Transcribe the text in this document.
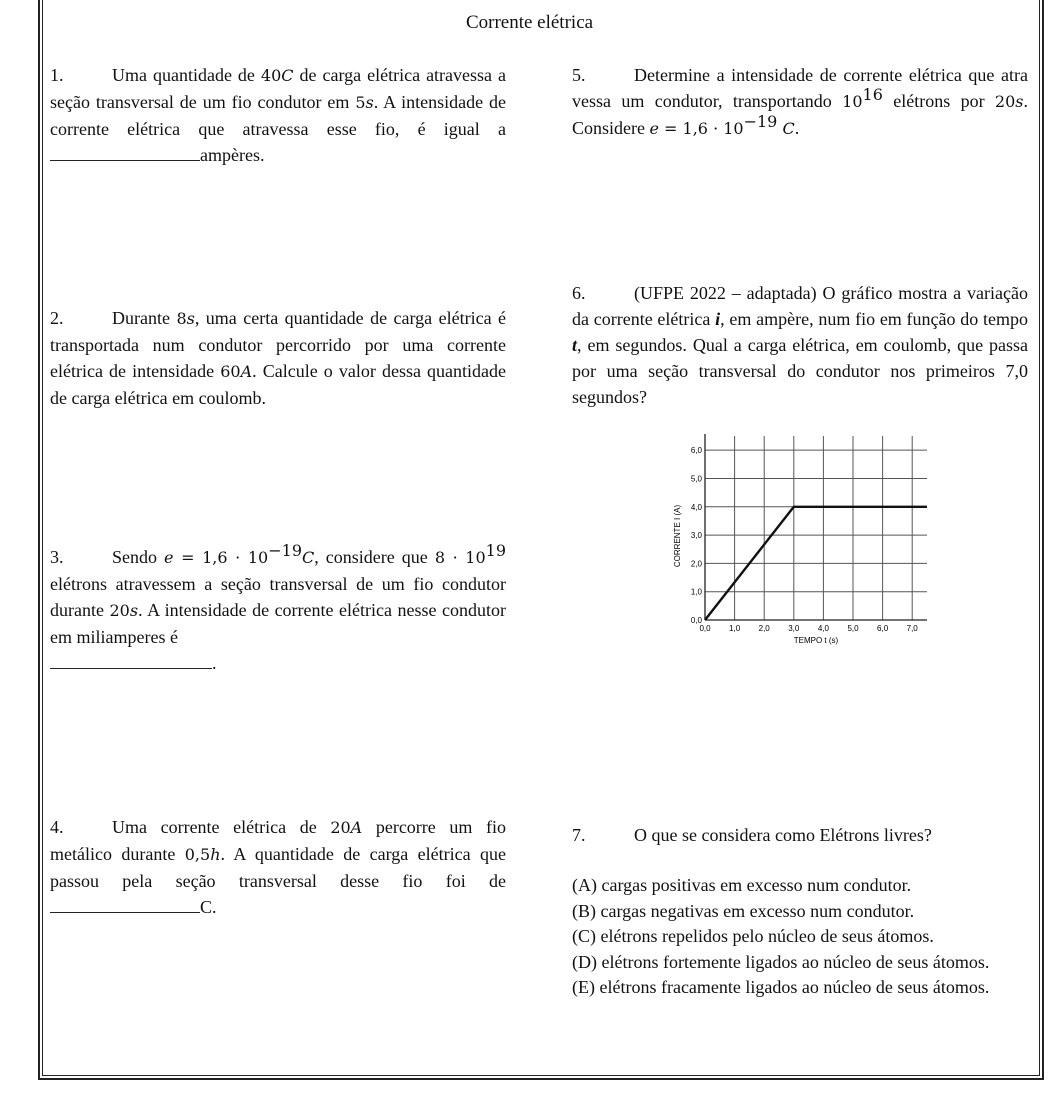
Corrente elétrica
1.	Uma quantidade de 40C de carga elétrica atravessa a seção transversal de um fio condutor em 5s. A intensidade de corrente elétrica que atravessa esse fio, é igual a ampères.
2.	Durante 8s, uma certa quantidade de carga elétrica é transportada num condutor percorrido por uma corrente elétrica de intensidade 60A. Calcule o valor dessa quantidade de carga elétrica em coulomb.
3.	Sendo $e = 1,6 \cdot 10^{-19}C$, considere que $8 \cdot 10^{19}$ elétrons atravessem a seção transversal de um fio condutor durante 20s. A intensidade de corrente elétrica nesse condutor em miliamperes é
.
4.	Uma corrente elétrica de 20A percorre um fio metálico durante 0,5h. A quantidade de carga elétrica que passou pela seção transversal desse fio foi de C.
5.	Determine a intensidade de corrente elétrica que atra vessa um condutor, transportando $10^{16}$ elétrons por 20s. Considere $e = 1,6 \cdot 10^{-19}$ C.
6.	(UFPE 2022 – adaptada) O gráfico mostra a variação da corrente elétrica i, em ampère, num fio em função do tempo t, em segundos. Qual a carga elétrica, em coulomb, que passa por uma seção transversal do condutor nos primeiros 7,0 segundos?
0,0 1,0 2,0 3,0 4,0 5,0 6,0 7,0
0,0
1,0
2,0
3,0
4,0
5,0
6,0
TEMPO t (s)
CORRENTE I (A)
7.	O que se considera como Elétrons livres?

(A) cargas positivas em excesso num condutor.

(B) cargas negativas em excesso num condutor.

(C) elétrons repelidos pelo núcleo de seus átomos.

(D) elétrons fortemente ligados ao núcleo de seus átomos.

(E) elétrons fracamente ligados ao núcleo de seus átomos.
